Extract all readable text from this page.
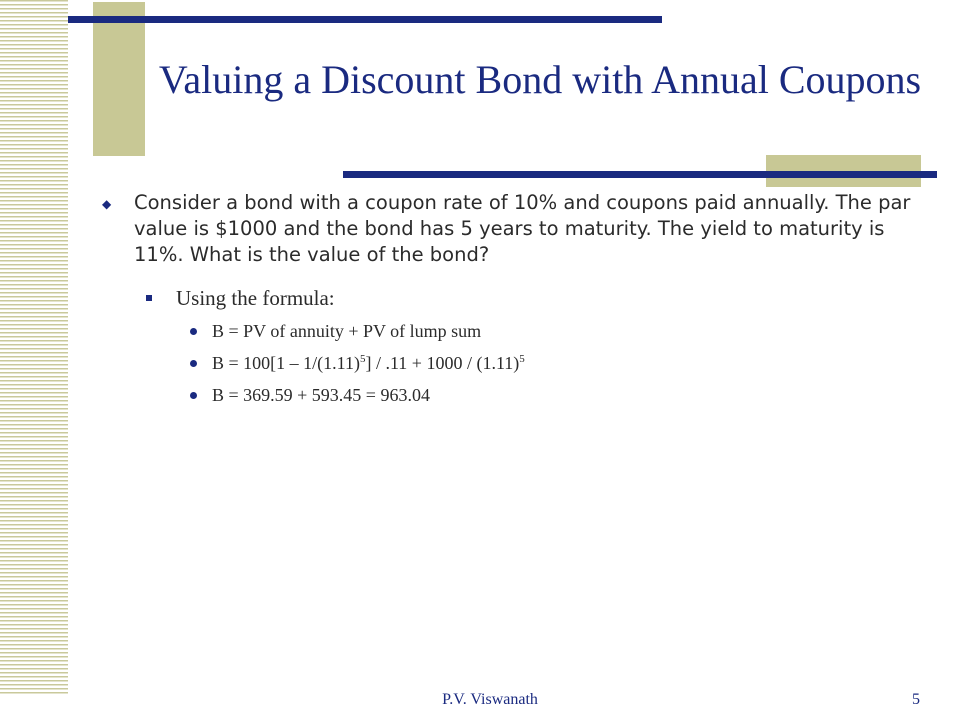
Valuing a Discount Bond with Annual Coupons
◆ Consider a bond with a coupon rate of 10% and coupons paid annually. The par value is $1000 and the bond has 5 years to maturity. The yield to maturity is 11%. What is the value of the bond?
Using the formula:
B = PV of annuity + PV of lump sum
$B = 100[1 - 1/(1.11)^5] / .11 + 1000 / (1.11)^5$
B = 369.59 + 593.45 = 963.04
P.V. Viswanath	5
